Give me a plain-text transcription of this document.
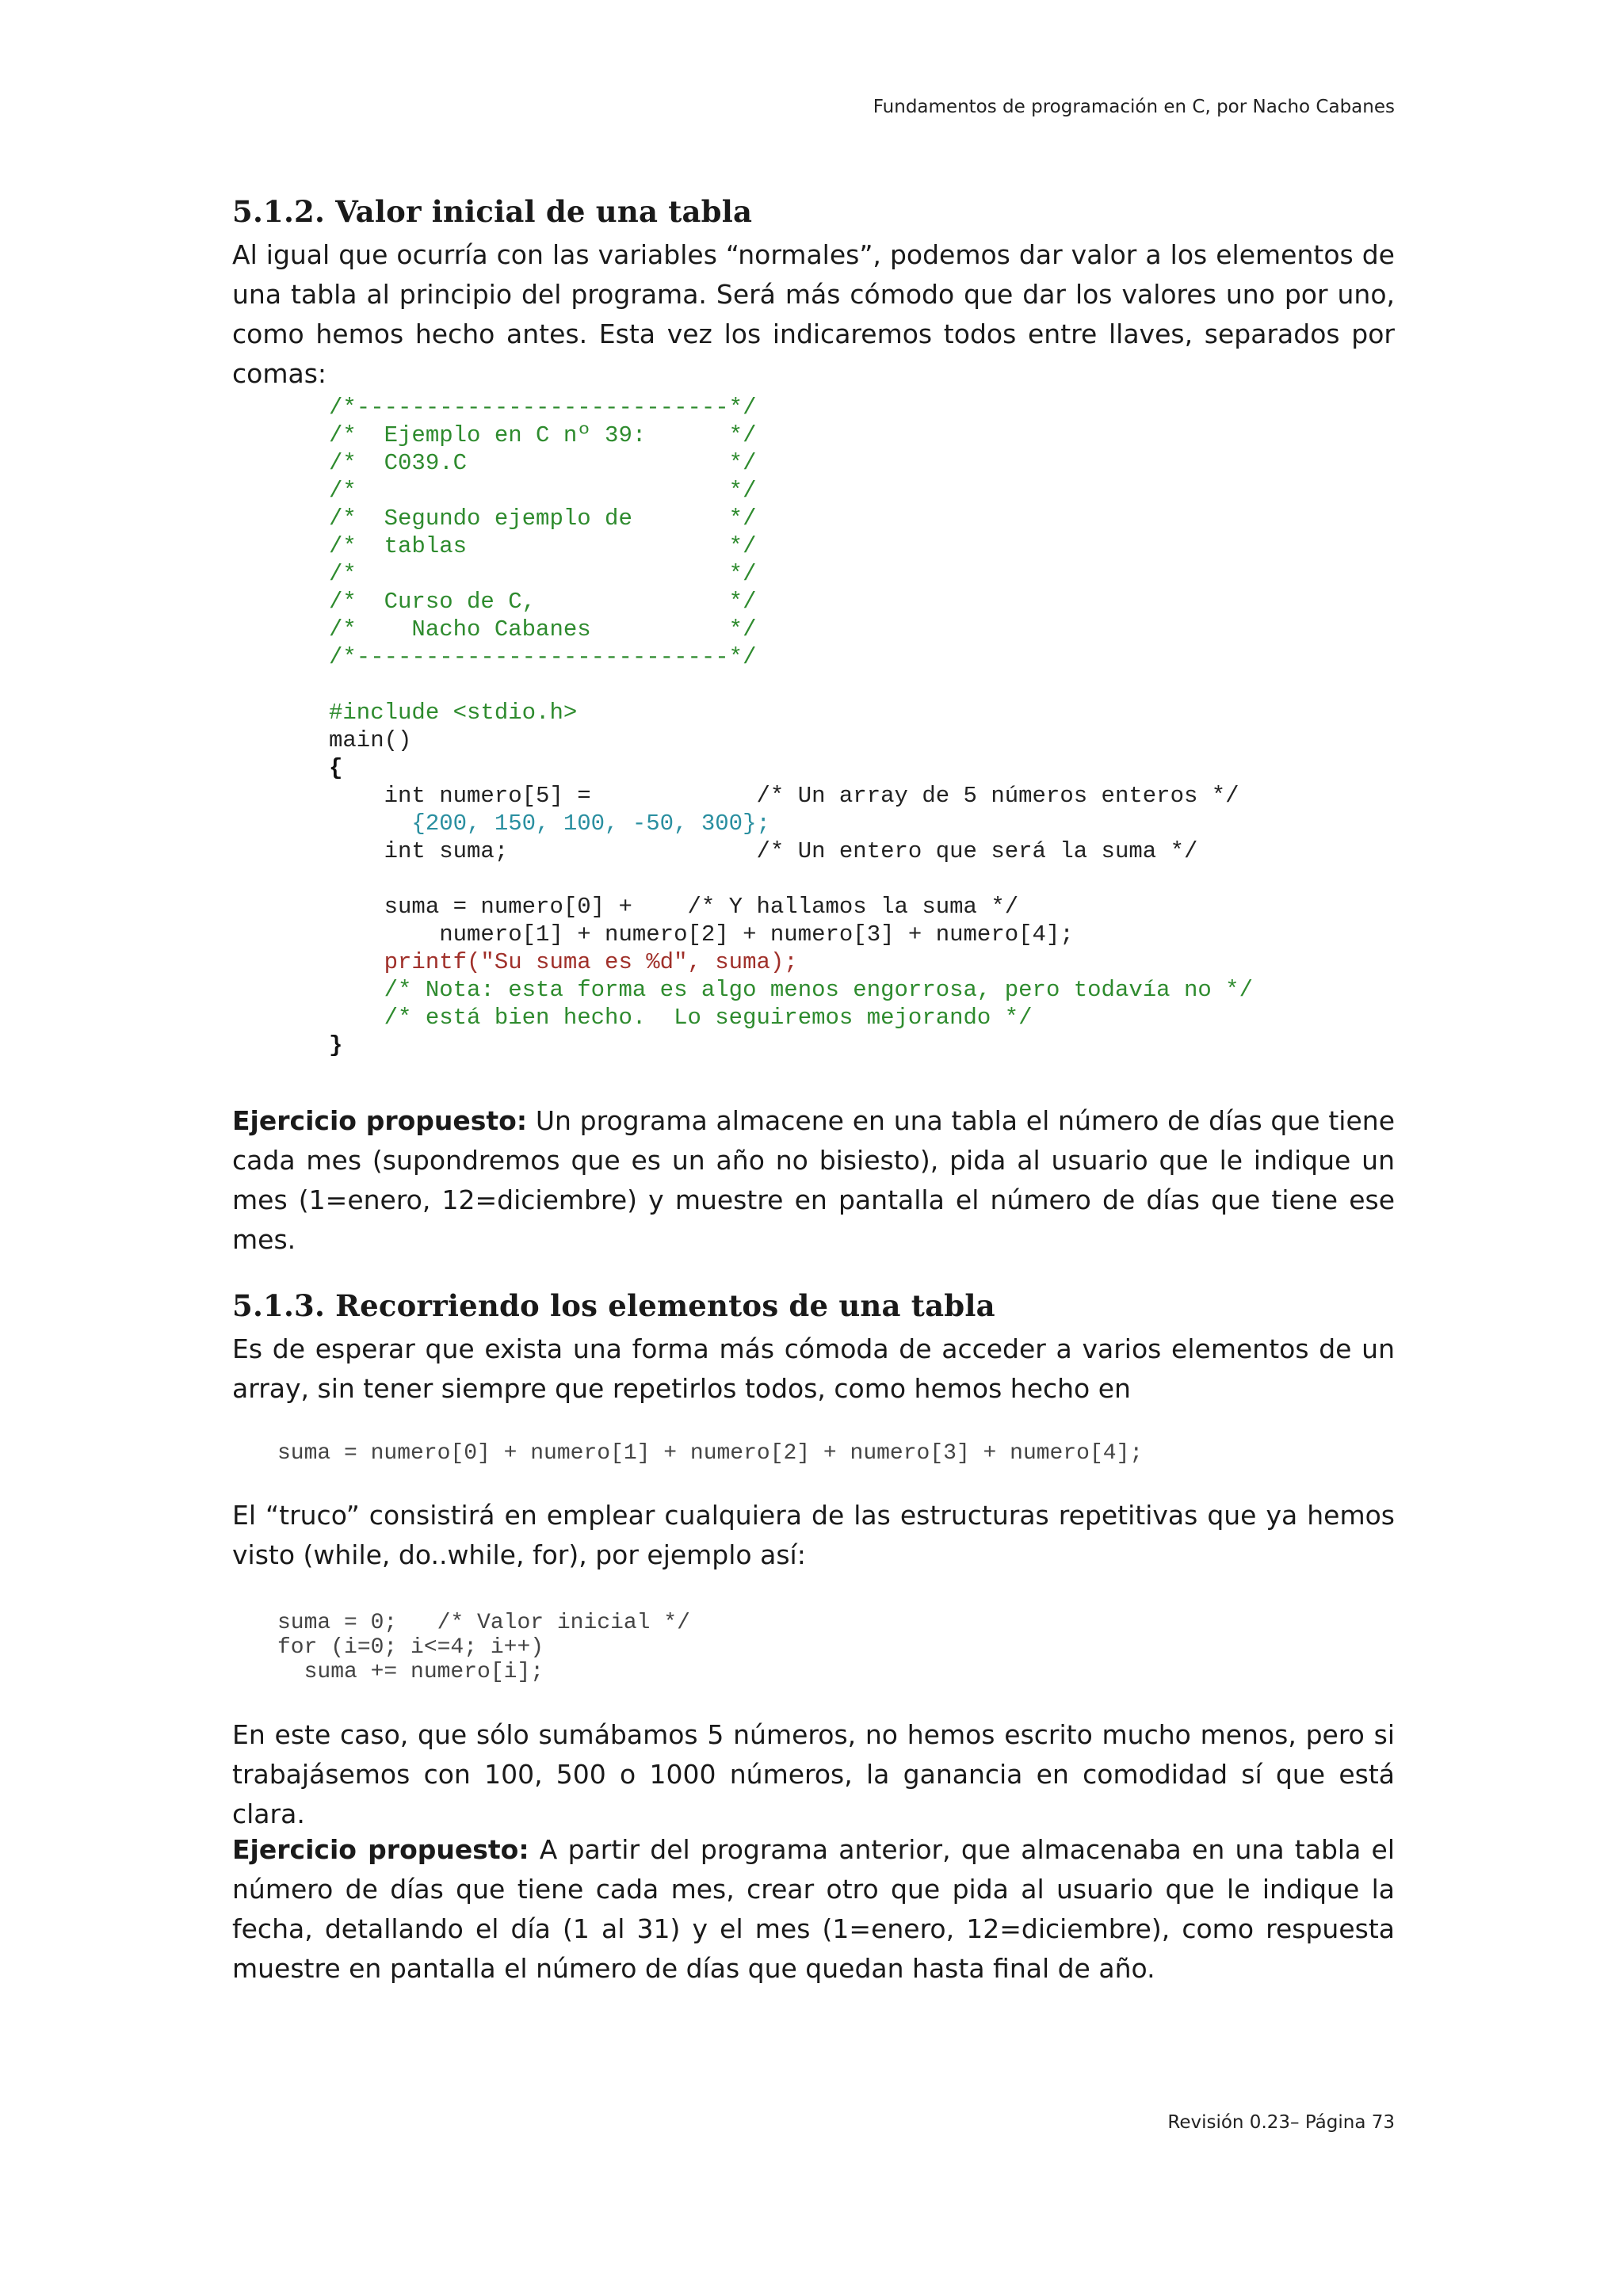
Fundamentos de programación en C, por Nacho Cabanes
5.1.2. Valor inicial de una tabla

Al igual que ocurría con las variables “normales”, podemos dar valor a los elementos de una tabla al principio del programa. Será más cómodo que dar los valores uno por uno, como hemos hecho antes. Esta vez los indicaremos todos entre llaves, separados por comas:

/*---------------------------*/
/*  Ejemplo en C nº 39:      */
/*  C039.C                   */
/*                           */
/*  Segundo ejemplo de       */
/*  tablas                   */
/*                           */
/*  Curso de C,              */
/*    Nacho Cabanes          */
/*---------------------------*/

#include <stdio.h>
main()
{
int numero[5] =            /* Un array de 5 números enteros */
{200, 150, 100, -50, 300};
int suma;                  /* Un entero que será la suma */

suma = numero[0] +    /* Y hallamos la suma */
numero[1] + numero[2] + numero[3] + numero[4];
printf("Su suma es %d", suma);
/* Nota: esta forma es algo menos engorrosa, pero todavía no */
/* está bien hecho.  Lo seguiremos mejorando */
}

Ejercicio propuesto: Un programa almacene en una tabla el número de días que tiene cada mes (supondremos que es un año no bisiesto), pida al usuario que le indique un mes (1=enero, 12=diciembre) y muestre en pantalla el número de días que tiene ese mes.

5.1.3. Recorriendo los elementos de una tabla

Es de esperar que exista una forma más cómoda de acceder a varios elementos de un array, sin tener siempre que repetirlos todos, como hemos hecho en

suma = numero[0] + numero[1] + numero[2] + numero[3] + numero[4];

El “truco” consistirá en emplear cualquiera de las estructuras repetitivas que ya hemos visto (while, do..while, for), por ejemplo así:

suma = 0;   /* Valor inicial */
for (i=0; i<=4; i++)
suma += numero[i];

En este caso, que sólo sumábamos 5 números, no hemos escrito mucho menos, pero si trabajásemos con 100, 500 o 1000 números, la ganancia en comodidad sí que está clara.

Ejercicio propuesto: A partir del programa anterior, que almacenaba en una tabla el número de días que tiene cada mes, crear otro que pida al usuario que le indique la fecha, detallando el día (1 al 31) y el mes (1=enero, 12=diciembre), como respuesta muestre en pantalla el número de días que quedan hasta final de año.

Revisión 0.23– Página 73
